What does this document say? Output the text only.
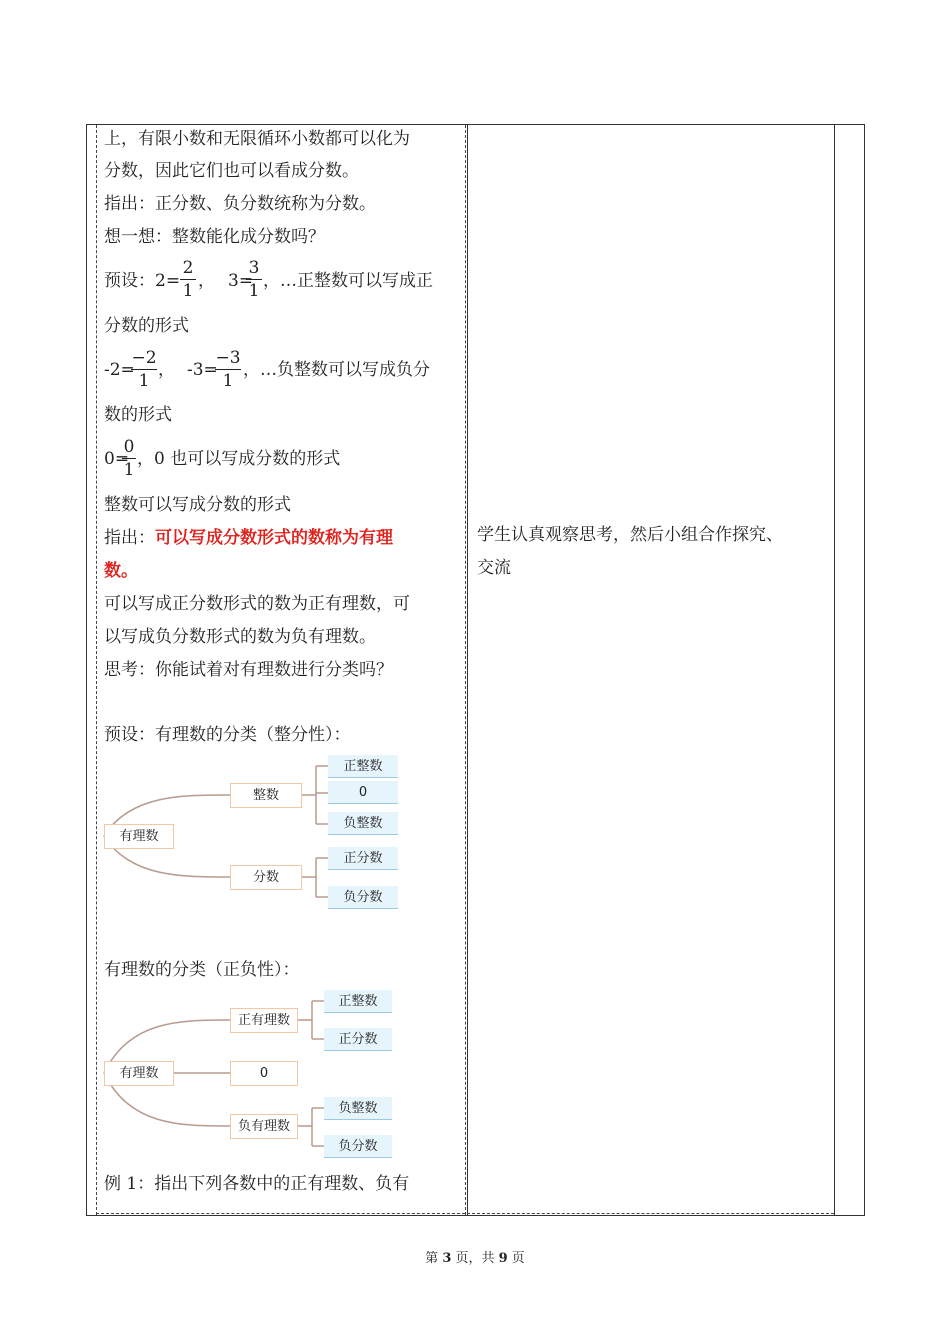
上，有限小数和无限循环小数都可以化为
分数，因此它们也可以看成分数。
指出：正分数、负分数统称为分数。
想一想：整数能化成分数吗？
预设：2=
2
1 ， 3=
3
1 ，…正整数可以写成正
分数的形式
-2=
−2
1
， -3=
−3
1
，…负整数可以写成负分
数的形式
0=
0
1
，0 也可以写成分数的形式
整数可以写成分数的形式
指出：可以写成分数形式的数称为有理
数。
可以写成正分数形式的数为正有理数，可
以写成负分数形式的数为负有理数。
思考：你能试着对有理数进行分类吗？
预设：有理数的分类（整分性）：
有理数
整数
分数
正整数
0
负整数
正分数
负分数
有理数的分类（正负性）：
有理数
正有理数
0
负有理数
正整数
正分数
负整数
负分数
例 1：指出下列各数中的正有理数、负有
学生认真观察思考，然后小组合作探究、
交流
第 3 页，共 9 页
